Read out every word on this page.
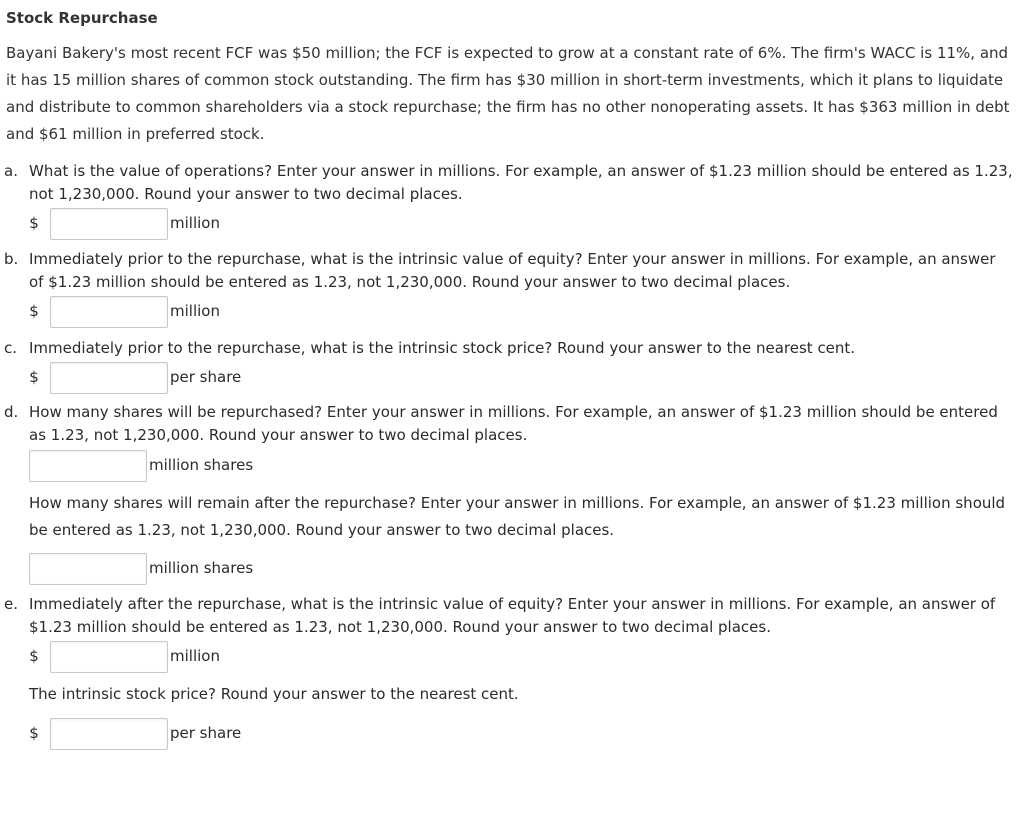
Stock Repurchase
Bayani Bakery's most recent FCF was $50 million; the FCF is expected to grow at a constant rate of 6%. The firm's WACC is 11%, and it has 15 million shares of common stock outstanding. The firm has $30 million in short-term investments, which it plans to liquidate and distribute to common shareholders via a stock repurchase; the firm has no other nonoperating assets. It has $363 million in debt and $61 million in preferred stock.
a. What is the value of operations? Enter your answer in millions. For example, an answer of $1.23 million should be entered as 1.23, not 1,230,000. Round your answer to two decimal places.
$	million
b. Immediately prior to the repurchase, what is the intrinsic value of equity? Enter your answer in millions. For example, an answer of $1.23 million should be entered as 1.23, not 1,230,000. Round your answer to two decimal places.
$	million
c. Immediately prior to the repurchase, what is the intrinsic stock price? Round your answer to the nearest cent.
$	per share
d. How many shares will be repurchased? Enter your answer in millions. For example, an answer of $1.23 million should be entered as 1.23, not 1,230,000. Round your answer to two decimal places.
million shares
How many shares will remain after the repurchase? Enter your answer in millions. For example, an answer of $1.23 million should be entered as 1.23, not 1,230,000. Round your answer to two decimal places.
million shares
e. Immediately after the repurchase, what is the intrinsic value of equity? Enter your answer in millions. For example, an answer of $1.23 million should be entered as 1.23, not 1,230,000. Round your answer to two decimal places.
$	million
The intrinsic stock price? Round your answer to the nearest cent.
$	per share
